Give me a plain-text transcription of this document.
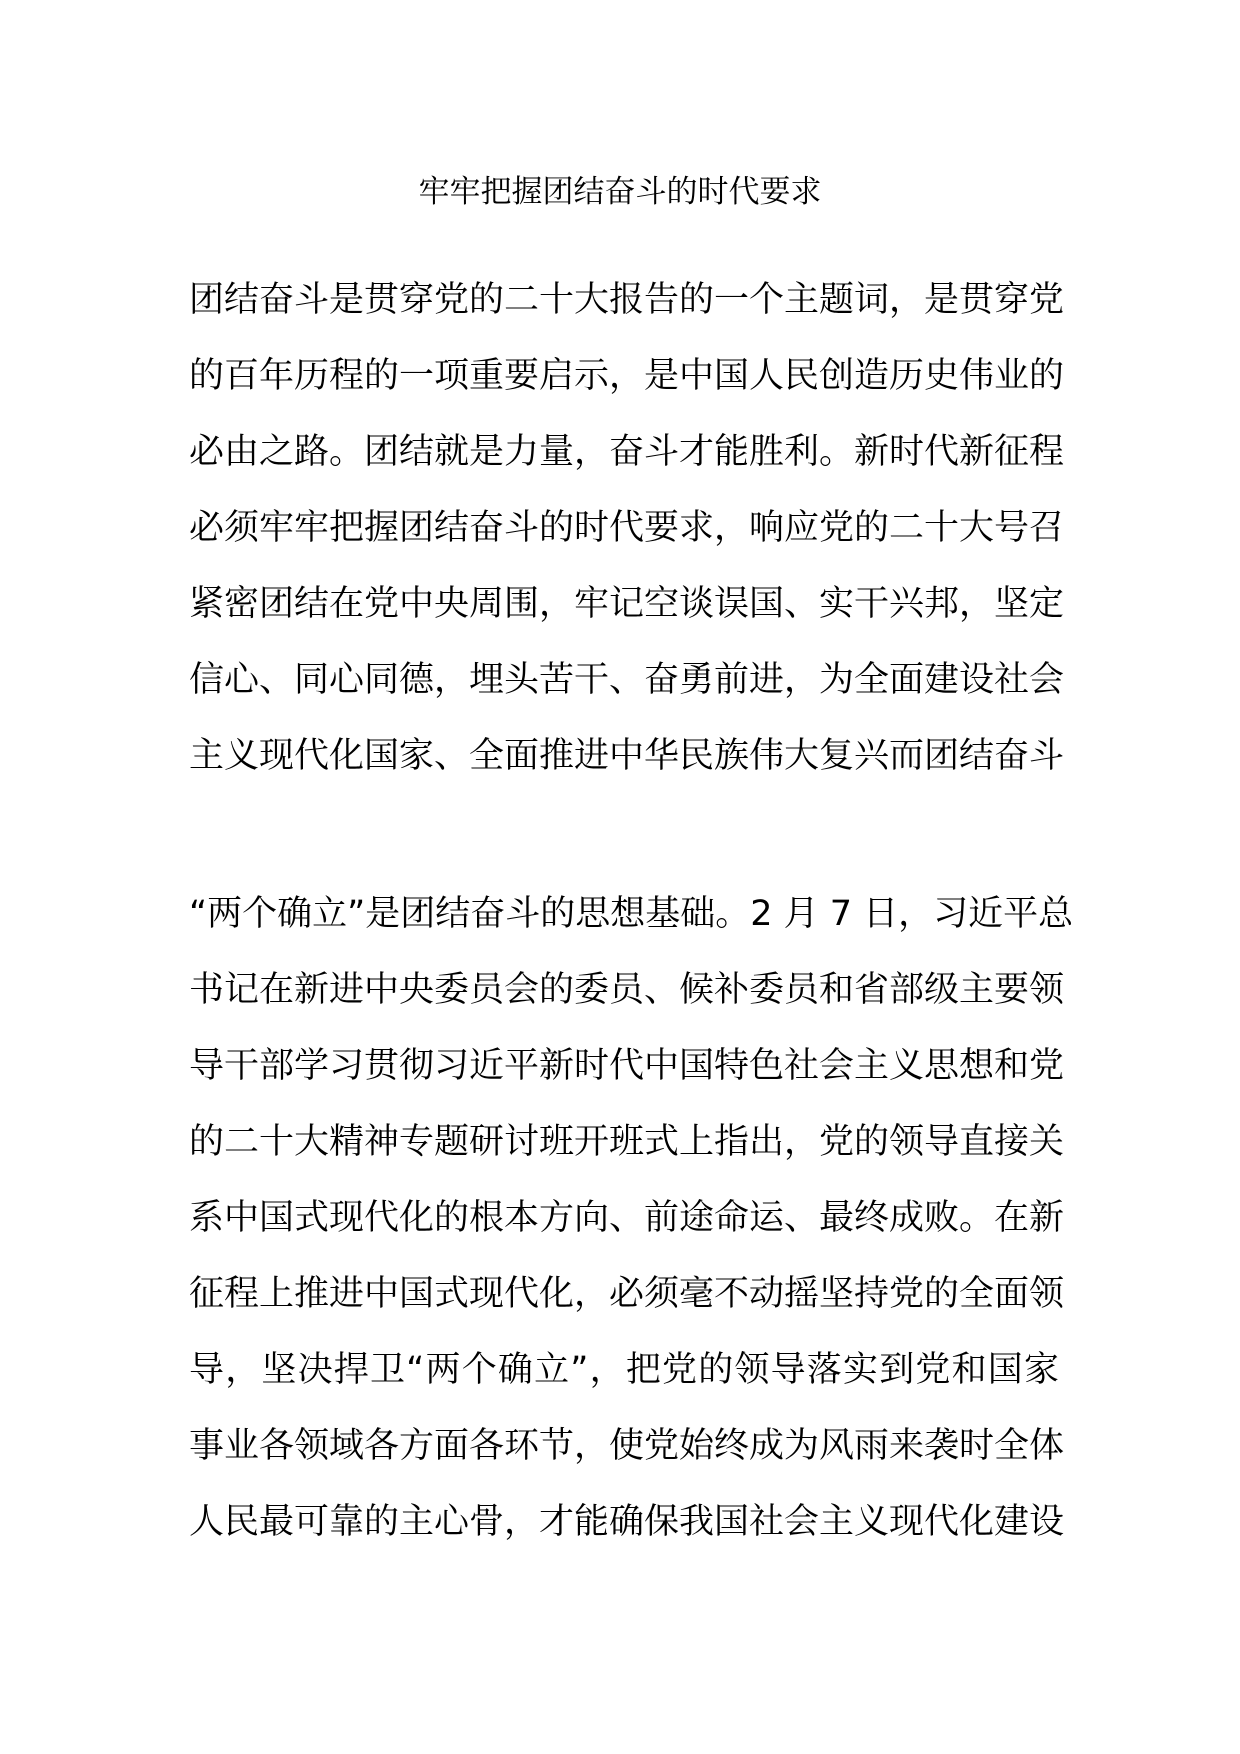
牢牢把握团结奋斗的时代要求
团结奋斗是贯穿党的二十大报告的一个主题词，是贯穿党
的百年历程的一项重要启示，是中国人民创造历史伟业的
必由之路。团结就是力量，奋斗才能胜利。新时代新征程
必须牢牢把握团结奋斗的时代要求，响应党的二十大号召
紧密团结在党中央周围，牢记空谈误国、实干兴邦，坚定
信心、同心同德，埋头苦干、奋勇前进，为全面建设社会
主义现代化国家、全面推进中华民族伟大复兴而团结奋斗
“两个确立”是团结奋斗的思想基础。2 月 7 日，习近平总
书记在新进中央委员会的委员、候补委员和省部级主要领
导干部学习贯彻习近平新时代中国特色社会主义思想和党
的二十大精神专题研讨班开班式上指出，党的领导直接关
系中国式现代化的根本方向、前途命运、最终成败。在新
征程上推进中国式现代化，必须毫不动摇坚持党的全面领
导，坚决捍卫“两个确立”，把党的领导落实到党和国家
事业各领域各方面各环节，使党始终成为风雨来袭时全体
人民最可靠的主心骨，才能确保我国社会主义现代化建设
